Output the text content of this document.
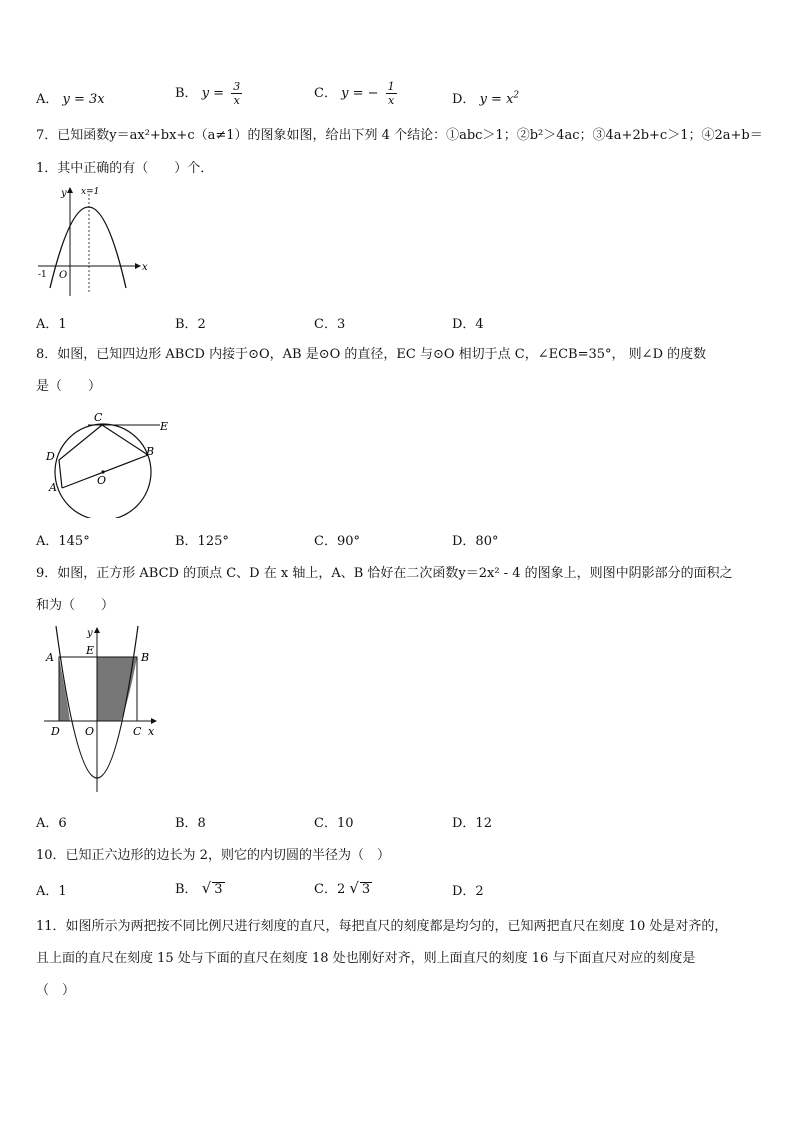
A． y = 3x	B． $y = \frac{3}{x}$	C． y = − $\frac{1}{x}$	D． $y = x^2$
7．已知函数y＝ax²+bx+c（a≠1）的图象如图，给出下列 4 个结论：①abc＞1；②b²＞4ac；③4a+2b+c＞1；④2a+b＝
1．其中正确的有（　　）个．
y
x
O
-1
x=1
A．1	B．2	C．3	D．4
8．如图，已知四边形 ABCD 内接于⊙O，AB 是⊙O 的直径，EC 与⊙O 相切于点 C，∠ECB=35°， 则∠D 的度数
是（　　）
C
E
D	B
A
O
A．145°	B．125°	C．90°	D．80°
9．如图，正方形 ABCD 的顶点 C、D 在 x 轴上，A、B 恰好在二次函数y＝2x² - 4 的图象上，则图中阴影部分的面积之
和为（　　）
y
A
E
B
D O	C x
A．6	B．8	C．10	D．12
10．已知正六边形的边长为 2，则它的内切圆的半径为（　）
A．1	B． √ 3	C．2 √ 3	D．2
11．如图所示为两把按不同比例尺进行刻度的直尺，每把直尺的刻度都是均匀的，已知两把直尺在刻度 10 处是对齐的，
且上面的直尺在刻度 15 处与下面的直尺在刻度 18 处也刚好对齐，则上面直尺的刻度 16 与下面直尺对应的刻度是
（　）
